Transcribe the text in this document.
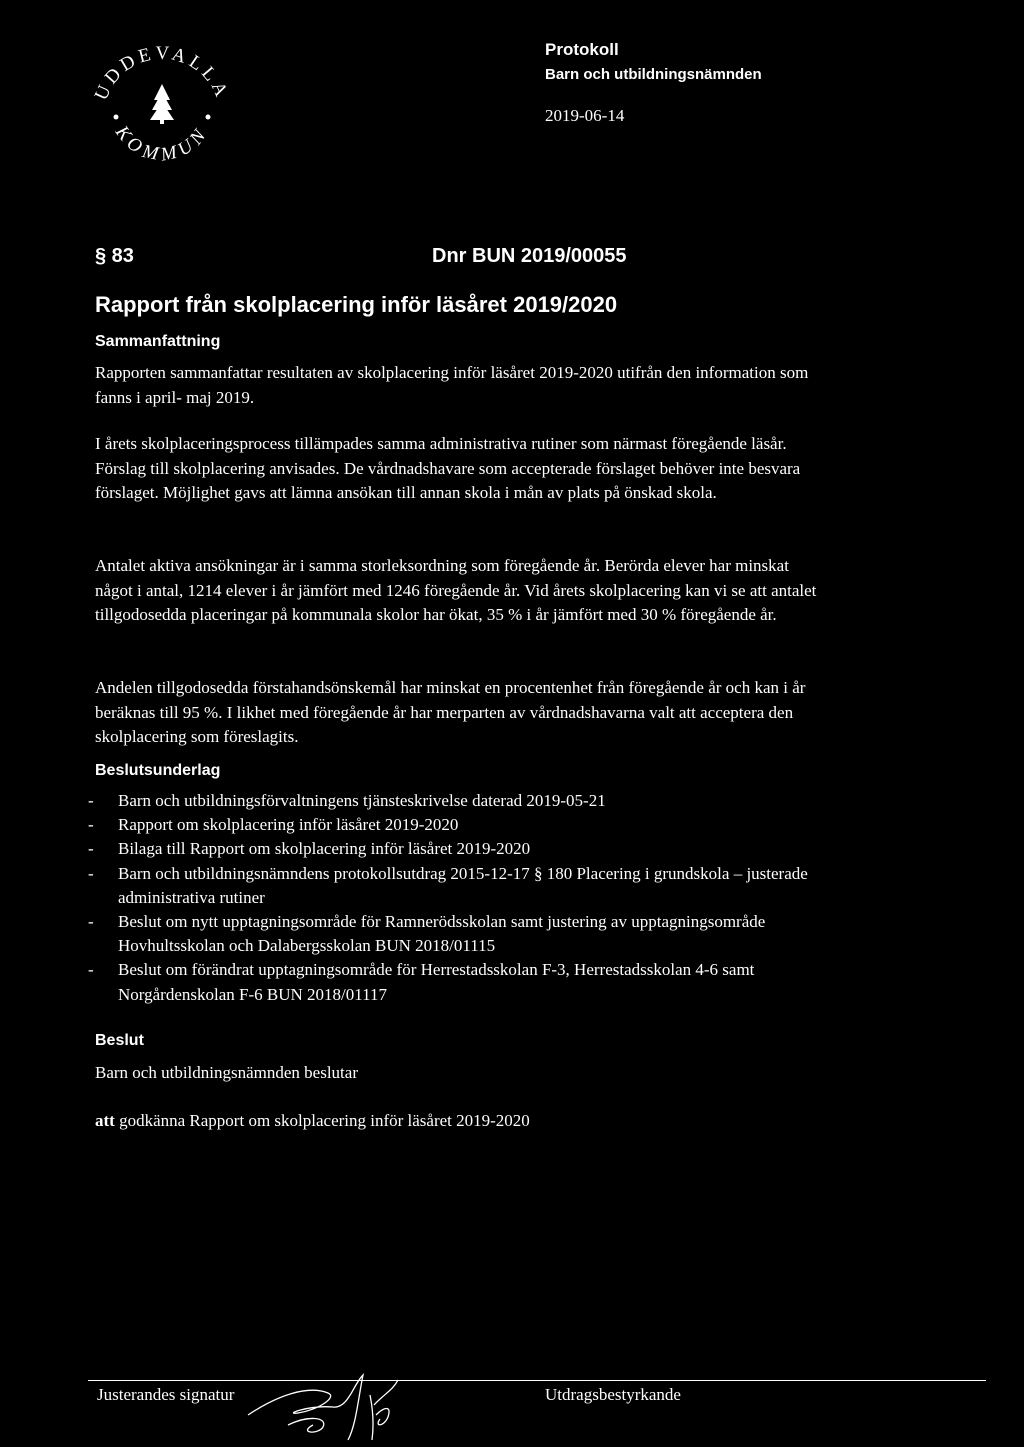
UDDEVALLA
KOMMUN
Protokoll
Barn och utbildningsnämnden
2019-06-14
§ 83	Dnr BUN 2019/00055
Rapport från skolplacering inför läsåret 2019/2020
Sammanfattning
Rapporten sammanfattar resultaten av skolplacering inför läsåret 2019-2020 utifrån den information som fanns i april- maj 2019.
I årets skolplaceringsprocess tillämpades samma administrativa rutiner som närmast föregående läsår. Förslag till skolplacering anvisades. De vårdnadshavare som accepterade förslaget behöver inte besvara förslaget. Möjlighet gavs att lämna ansökan till annan skola i mån av plats på önskad skola.
Antalet aktiva ansökningar är i samma storleksordning som föregående år. Berörda elever har minskat något i antal, 1214 elever i år jämfört med 1246 föregående år. Vid årets skolplacering kan vi se att antalet tillgodosedda placeringar på kommunala skolor har ökat, 35 % i år jämfört med 30 % föregående år.
Andelen tillgodosedda förstahandsönskemål har minskat en procentenhet från föregående år och kan i år beräknas till 95 %. I likhet med föregående år har merparten av vårdnadshavarna valt att acceptera den skolplacering som föreslagits.
Beslutsunderlag
- Barn och utbildningsförvaltningens tjänsteskrivelse daterad 2019-05-21
- Rapport om skolplacering inför läsåret 2019-2020
- Bilaga till Rapport om skolplacering inför läsåret 2019-2020
- Barn och utbildningsnämndens protokollsutdrag 2015-12-17 § 180 Placering i grundskola – justerade administrativa rutiner
- Beslut om nytt upptagningsområde för Ramnerödsskolan samt justering av upptagningsområde Hovhultsskolan och Dalabergsskolan BUN 2018/01115
- Beslut om förändrat upptagningsområde för Herrestadsskolan F-3, Herrestadsskolan 4-6 samt Norgårdenskolan F-6 BUN 2018/01117
Beslut
Barn och utbildningsnämnden beslutar
att godkänna Rapport om skolplacering inför läsåret 2019-2020
Justerandes signatur	Utdragsbestyrkande
